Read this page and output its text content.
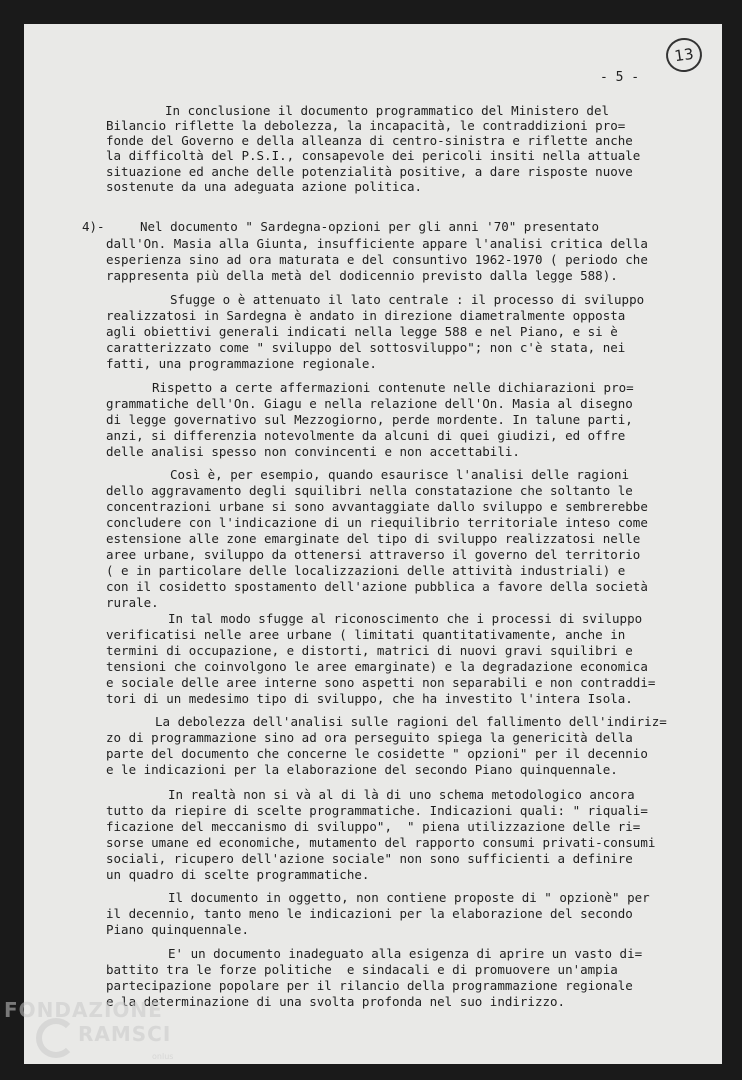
13
- 5 -
In conclusione il documento programmatico del Ministero del
Bilancio riflette la debolezza, la incapacità, le contraddizioni pro=
fonde del Governo e della alleanza di centro-sinistra e riflette anche
la difficoltà del P.S.I., consapevole dei pericoli insiti nella attuale
situazione ed anche delle potenzialità positive, a dare risposte nuove
sostenute da una adeguata azione politica.
4)-	Nel documento " Sardegna-opzioni per gli anni '70" presentato
dall'On. Masia alla Giunta, insufficiente appare l'analisi critica della
esperienza sino ad ora maturata e del consuntivo 1962-1970 ( periodo che
rappresenta più della metà del dodicennio previsto dalla legge 588).
Sfugge o è attenuato il lato centrale : il processo di sviluppo
realizzatosi in Sardegna è andato in direzione diametralmente opposta
agli obiettivi generali indicati nella legge 588 e nel Piano, e si è
caratterizzato come " sviluppo del sottosviluppo"; non c'è stata, nei
fatti, una programmazione regionale.
Rispetto a certe affermazioni contenute nelle dichiarazioni pro=
grammatiche dell'On. Giagu e nella relazione dell'On. Masia al disegno
di legge governativo sul Mezzogiorno, perde mordente. In talune parti,
anzi, si differenzia notevolmente da alcuni di quei giudizi, ed offre
delle analisi spesso non convincenti e non accettabili.
Così è, per esempio, quando esaurisce l'analisi delle ragioni
dello aggravamento degli squilibri nella constatazione che soltanto le
concentrazioni urbane si sono avvantaggiate dallo sviluppo e sembrerebbe
concludere con l'indicazione di un riequilibrio territoriale inteso come
estensione alle zone emarginate del tipo di sviluppo realizzatosi nelle
aree urbane, sviluppo da ottenersi attraverso il governo del territorio
( e in particolare delle localizzazioni delle attività industriali) e
con il cosidetto spostamento dell'azione pubblica a favore della società
rurale.
In tal modo sfugge al riconoscimento che i processi di sviluppo
verificatisi nelle aree urbane ( limitati quantitativamente, anche in
termini di occupazione, e distorti, matrici di nuovi gravi squilibri e
tensioni che coinvolgono le aree emarginate) e la degradazione economica
e sociale delle aree interne sono aspetti non separabili e non contraddi=
tori di un medesimo tipo di sviluppo, che ha investito l'intera Isola.
La debolezza dell'analisi sulle ragioni del fallimento dell'indiriz=
zo di programmazione sino ad ora perseguito spiega la genericità della
parte del documento che concerne le cosidette " opzioni" per il decennio
e le indicazioni per la elaborazione del secondo Piano quinquennale.
In realtà non si và al di là di uno schema metodologico ancora
tutto da riepire di scelte programmatiche. Indicazioni quali: " riquali=
ficazione del meccanismo di sviluppo",  " piena utilizzazione delle ri=
sorse umane ed economiche, mutamento del rapporto consumi privati-consumi
sociali, ricupero dell'azione sociale" non sono sufficienti a definire
un quadro di scelte programmatiche.
Il documento in oggetto, non contiene proposte di " opzionè" per
il decennio, tanto meno le indicazioni per la elaborazione del secondo
Piano quinquennale.
E' un documento inadeguato alla esigenza di aprire un vasto di=
battito tra le forze politiche  e sindacali e di promuovere un'ampia
partecipazione popolare per il rilancio della programmazione regionale
e la determinazione di una svolta profonda nel suo indirizzo.
FONDAZIONE
RAMSCI
onlus
